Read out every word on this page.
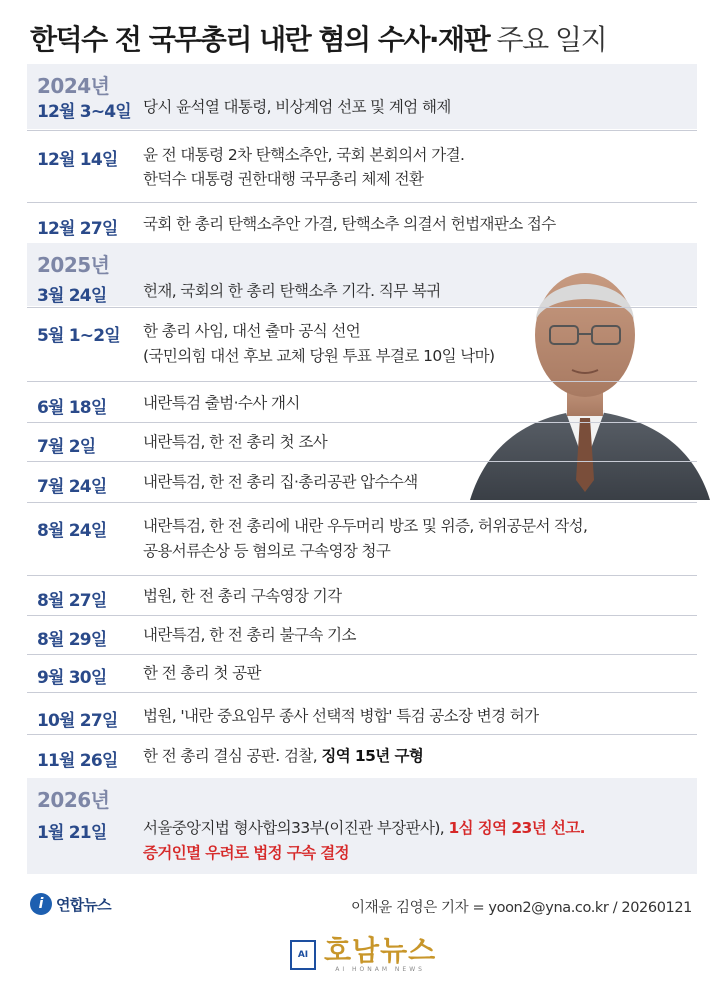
한덕수 전 국무총리 내란 혐의 수사·재판 주요 일지
2024년
2025년
2026년
12월 3~4일 당시 윤석열 대통령, 비상계엄 선포 및 계엄 해제
12월 14일 윤 전 대통령 2차 탄핵소추안, 국회 본회의서 가결.
한덕수 대통령 권한대행 국무총리 체제 전환
12월 27일 국회 한 총리 탄핵소추안 가결, 탄핵소추 의결서 헌법재판소 접수
3월 24일 헌재, 국회의 한 총리 탄핵소추 기각. 직무 복귀
5월 1~2일 한 총리 사임, 대선 출마 공식 선언
(국민의힘 대선 후보 교체 당원 투표 부결로 10일 낙마)
6월 18일 내란특검 출범·수사 개시
7월 2일	내란특검, 한 전 총리 첫 조사
7월 24일 내란특검, 한 전 총리 집·총리공관 압수수색
8월 24일 내란특검, 한 전 총리에 내란 우두머리 방조 및 위증, 허위공문서 작성,
공용서류손상 등 혐의로 구속영장 청구
8월 27일 법원, 한 전 총리 구속영장 기각
8월 29일 내란특검, 한 전 총리 불구속 기소
9월 30일 한 전 총리 첫 공판
10월 27일 법원, '내란 중요임무 종사 선택적 병합' 특검 공소장 변경 허가
11월 26일 한 전 총리 결심 공판. 검찰, 징역 15년 구형
1월 21일 서울중앙지법 형사합의33부(이진관 부장판사), 1심 징역 23년 선고.
증거인멸 우려로 법정 구속 결정
i 연합뉴스	이재윤 김영은 기자 = yoon2@yna.co.kr / 20260121
AI 호남뉴스
AI HONAM NEWS
